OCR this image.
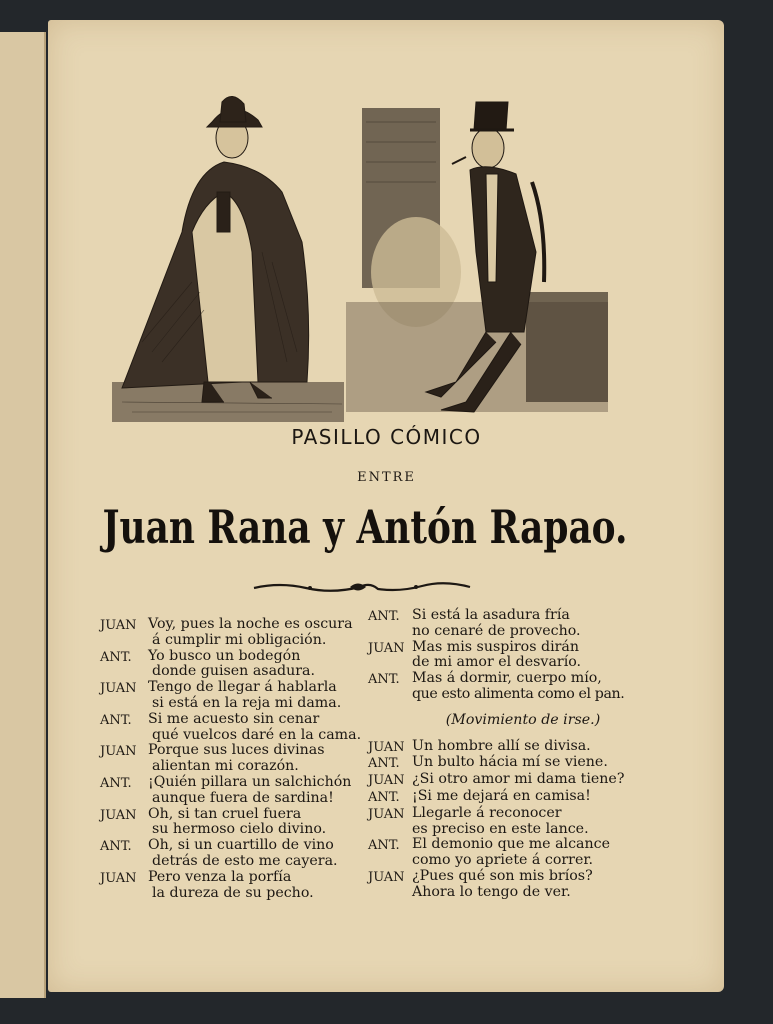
PASILLO CÓMICO
ENTRE
Juan Rana y Antón Rapao.
JUAN Voy, pues la noche es oscura
á cumplir mi obligación.
ANT.	Yo busco un bodegón
donde guisen asadura.
JUAN Tengo de llegar á hablarla
si está en la reja mi dama.
ANT.	Si me acuesto sin cenar
qué vuelcos daré en la cama.
JUAN Porque sus luces divinas
alientan mi corazón.
ANT.	¡Quién pillara un salchichón
aunque fuera de sardina!
JUAN Oh, si tan cruel fuera
su hermoso cielo divino.
ANT.	Oh, si un cuartillo de vino
detrás de esto me cayera.
JUAN Pero venza la porfía
la dureza de su pecho.
ANT. Si está la asadura fría
no cenaré de provecho.
JUAN Mas mis suspiros dirán
de mi amor el desvarío.
ANT. Mas á dormir, cuerpo mío,
que esto alimenta como el pan.
(Movimiento de irse.)
JUAN Un hombre allí se divisa.
ANT. Un bulto hácia mí se viene.
JUAN ¿Si otro amor mi dama tiene?
ANT. ¡Si me dejará en camisa!
JUAN Llegarle á reconocer
es preciso en este lance.
ANT. El demonio que me alcance
como yo apriete á correr.
JUAN ¿Pues qué son mis bríos?
Ahora lo tengo de ver.
